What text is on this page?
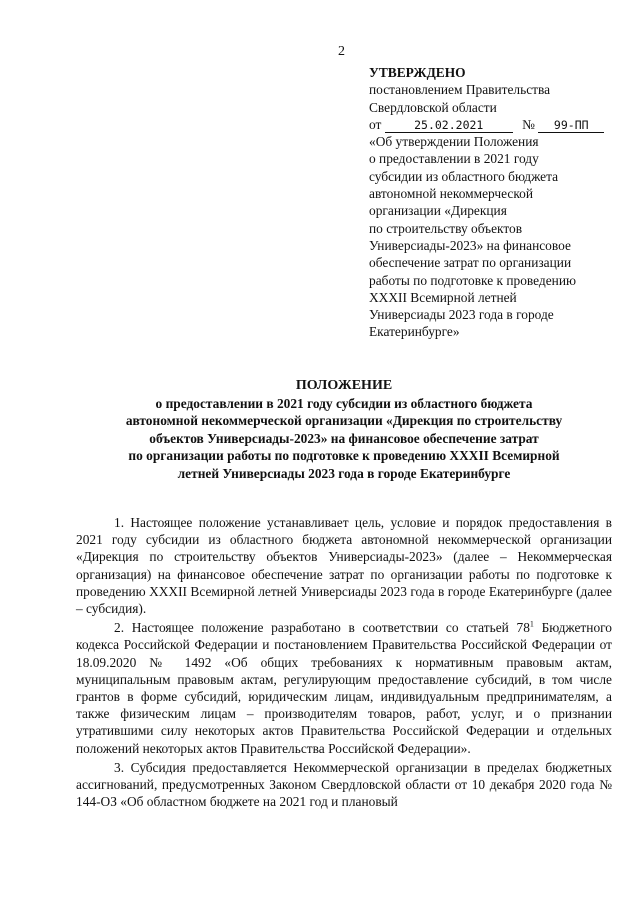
2
УТВЕРЖДЕНО
постановлением Правительства
Свердловской области
от	25.02.2021	№ 99-ПП
«Об утверждении Положения
о предоставлении в 2021 году
субсидии из областного бюджета
автономной некоммерческой
организации «Дирекция
по строительству объектов
Универсиады-2023» на финансовое
обеспечение затрат по организации
работы по подготовке к проведению
XXXII Всемирной летней
Универсиады 2023 года в городе
Екатеринбурге»
ПОЛОЖЕНИЕ
о предоставлении в 2021 году субсидии из областного бюджета
автономной некоммерческой организации «Дирекция по строительству
объектов Универсиады-2023» на финансовое обеспечение затрат
по организации работы по подготовке к проведению XXXII Всемирной
летней Универсиады 2023 года в городе Екатеринбурге

1. Настоящее положение устанавливает цель, условие и порядок предоставления в 2021 году субсидии из областного бюджета автономной некоммерческой организации «Дирекция по строительству объектов Универсиады-2023» (далее – Некоммерческая организация) на финансовое обеспечение затрат по организации работы по подготовке к проведению XXXII Всемирной летней Универсиады 2023 года в городе Екатеринбурге (далее – субсидия).

2. Настоящее положение разработано в соответствии со статьей $78^1$ Бюджетного кодекса Российской Федерации и постановлением Правительства Российской Федерации от 18.09.2020 № 1492 «Об общих требованиях к нормативным правовым актам, муниципальным правовым актам, регулирующим предоставление субсидий, в том числе грантов в форме субсидий, юридическим лицам, индивидуальным предпринимателям, а также физическим лицам – производителям товаров, работ, услуг, и о признании утратившими силу некоторых актов Правительства Российской Федерации и отдельных положений некоторых актов Правительства Российской Федерации».

3. Субсидия предоставляется Некоммерческой организации в пределах бюджетных ассигнований, предусмотренных Законом Свердловской области от 10 декабря 2020 года № 144-ОЗ «Об областном бюджете на 2021 год и плановый
